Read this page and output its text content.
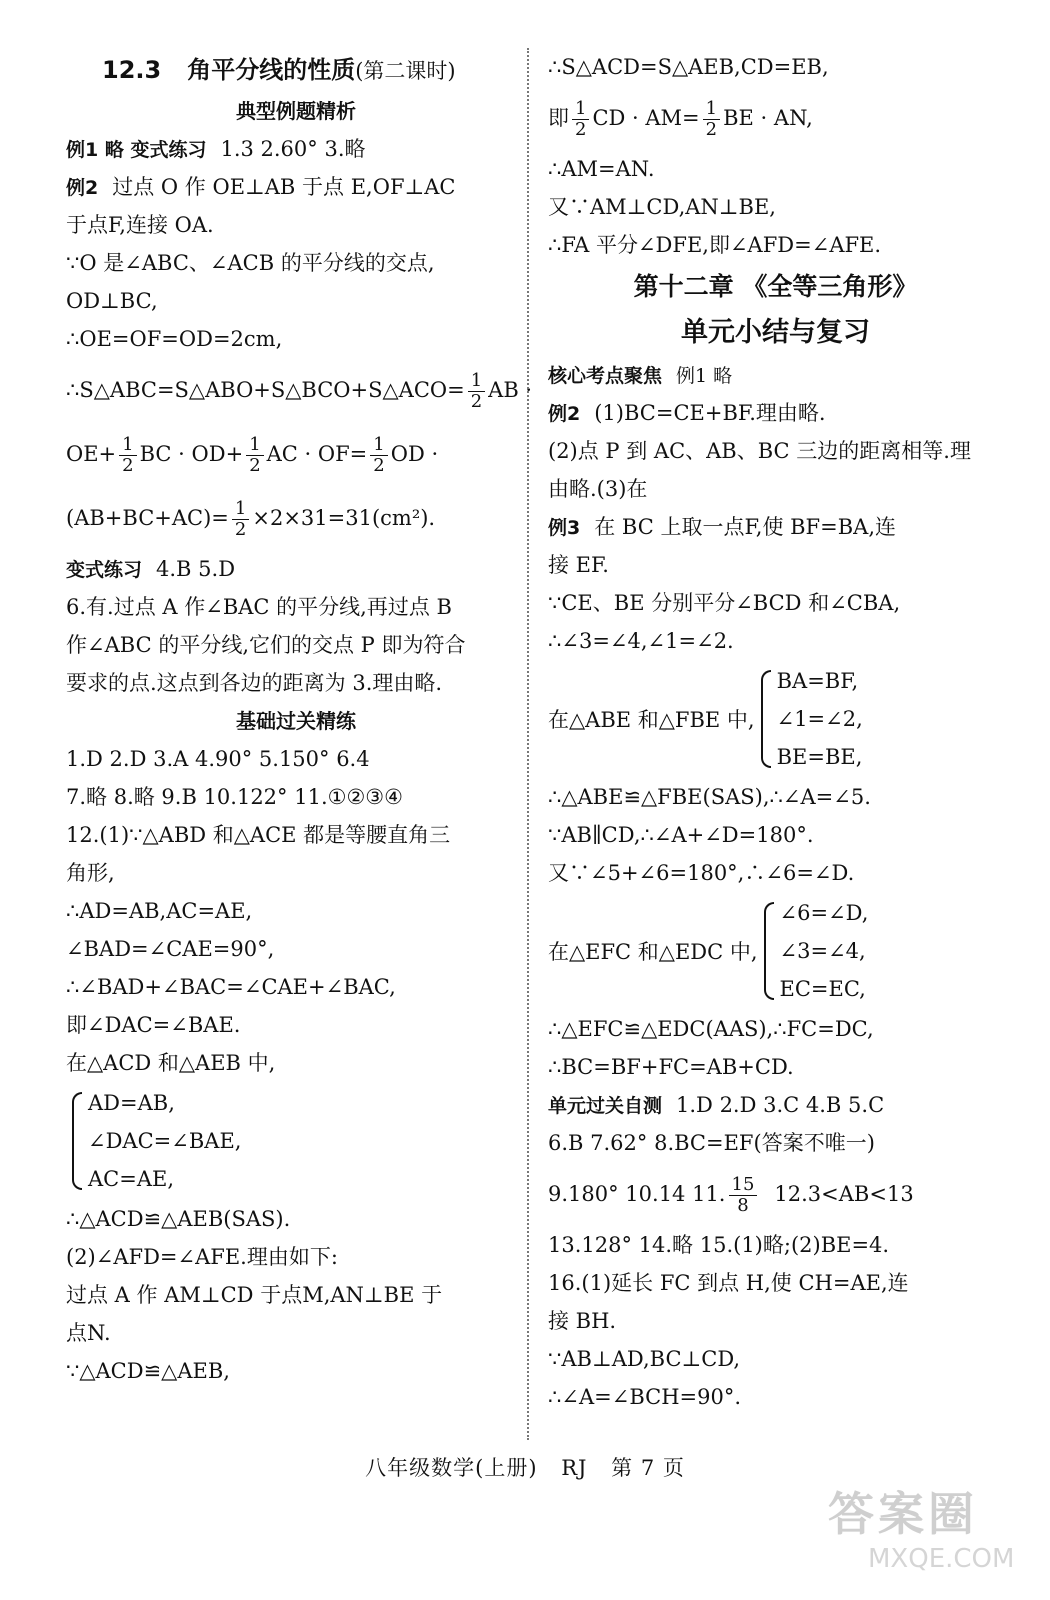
12.3 角平分线的性质(第二课时)
典型例题精析
例1 略 变式练习 1.3 2.60° 3.略
例2 过点 O 作 OE⊥AB 于点 E,OF⊥AC
于点F,连接 OA.
∵O 是∠ABC、∠ACB 的平分线的交点,
OD⊥BC,
∴OE=OF=OD=2cm,
∴S△ABC=S△ABO+S△BCO+S△ACO= $\frac{1}{2}$ AB ·
$OE+ \frac{1}{2}$ BC · $OD+ \frac{1}{2}$ AC · $OF= \frac{1}{2}$ OD ·
$(AB+BC+AC)= \frac{1}{2} \times 2\times 31=31(cm^2)$.
变式练习 4.B 5.D
6.有.过点 A 作∠BAC 的平分线,再过点 B
作∠ABC 的平分线,它们的交点 P 即为符合
要求的点.这点到各边的距离为 3.理由略.
基础过关精练
1.D 2.D 3.A 4.90° 5.150° 6.4
7.略 8.略 9.B 10.122° 11.①②③④
12.(1)∵△ABD 和△ACE 都是等腰直角三
角形,
∴AD=AB,AC=AE,
∠BAD=∠CAE=90°,
∴∠BAD+∠BAC=∠CAE+∠BAC,
即∠DAC=∠BAE.
在△ACD 和△AEB 中,
AD=AB,
∠DAC=∠BAE,
AC=AE,
∴△ACD≌△AEB(SAS).
(2)∠AFD=∠AFE.理由如下:
过点 A 作 AM⊥CD 于点M,AN⊥BE 于
点N.
∵△ACD≌△AEB,
∴S△ACD=S△AEB,CD=EB,
即 $\frac{1}{2}$ CD · $AM= \frac{1}{2}$ BE · AN,
∴AM=AN.
又∵AM⊥CD,AN⊥BE,
∴FA 平分∠DFE,即∠AFD=∠AFE.
第十二章 《全等三角形》
单元小结与复习
核心考点聚焦 例1 略
例2 (1)BC=CE+BF.理由略.
(2)点 P 到 AC、AB、BC 三边的距离相等.理
由略.(3)在
例3 在 BC 上取一点F,使 BF=BA,连
接 EF.
∵CE、BE 分别平分∠BCD 和∠CBA,
∴∠3=∠4,∠1=∠2.
在△ABE 和△FBE 中,
BA=BF,
∠1=∠2,
BE=BE,
∴△ABE≌△FBE(SAS),∴∠A=∠5.
∵AB∥CD,∴∠A+∠D=180°.
又∵∠5+∠6=180°,∴∠6=∠D.
在△EFC 和△EDC 中,
∠6=∠D,
∠3=∠4,
EC=EC,
∴△EFC≌△EDC(AAS),∴FC=DC,
∴BC=BF+FC=AB+CD.
单元过关自测 1.D 2.D 3.C 4.B 5.C
6.B 7.62° 8.BC=EF(答案不唯一)
9.180° 10.14 11. $\frac{15}{8} 12.3<AB<13$
13.128° 14.略 15.(1)略;(2)BE=4.
16.(1)延长 FC 到点 H,使 CH=AE,连
接 BH.
∵AB⊥AD,BC⊥CD,
∴∠A=∠BCH=90°.
八年级数学(上册) RJ 第 7 页
答案圈
MXQE.COM
